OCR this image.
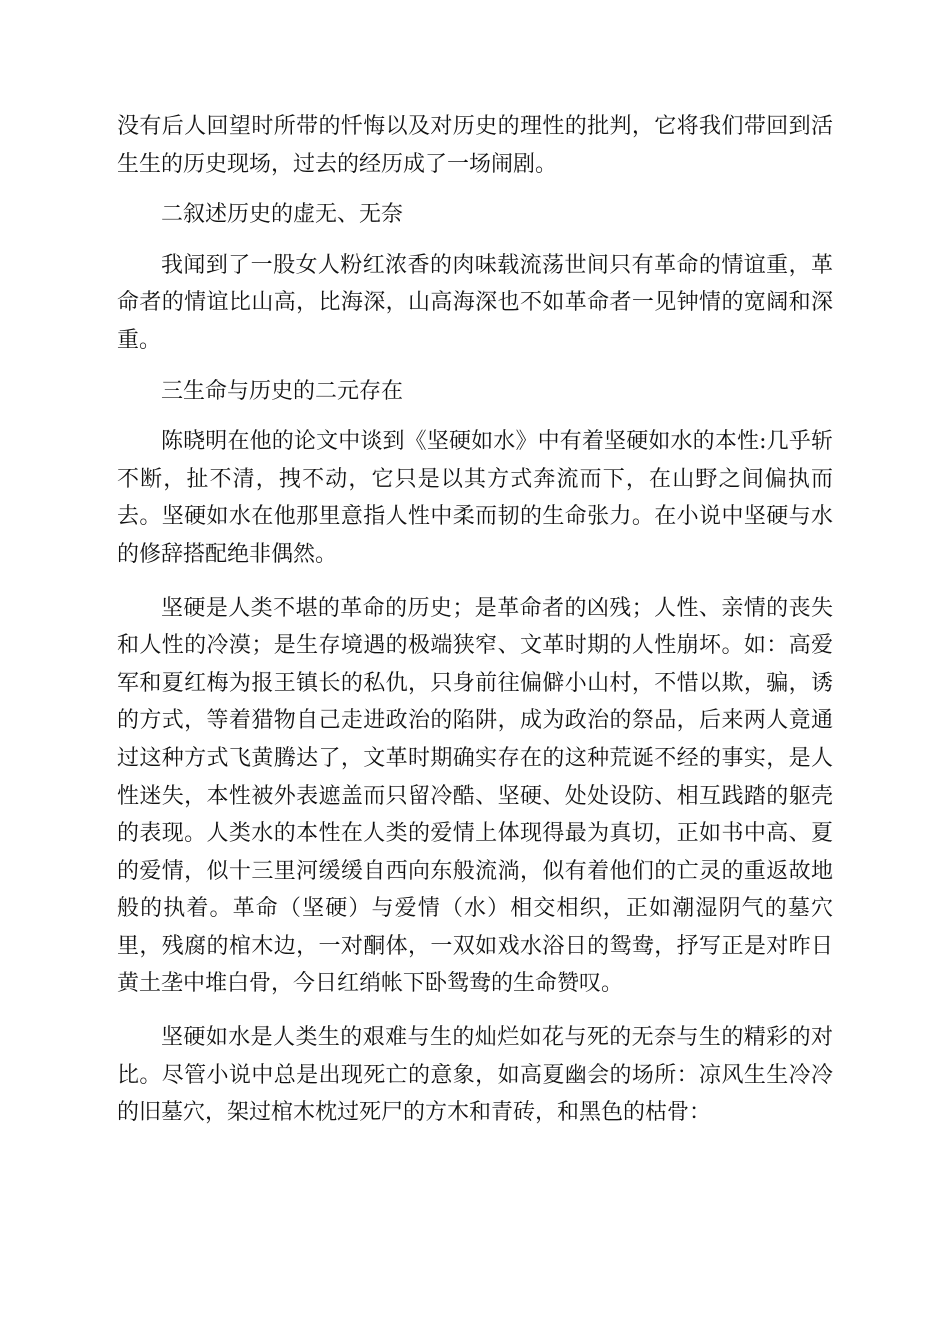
没有后人回望时所带的忏悔以及对历史的理性的批判，它将我们带回到活生生的历史现场，过去的经历成了一场闹剧。

二叙述历史的虚无、无奈

我闻到了一股女人粉红浓香的肉味载流荡世间只有革命的情谊重，革命者的情谊比山高，比海深，山高海深也不如革命者一见钟情的宽阔和深重。

三生命与历史的二元存在

陈晓明在他的论文中谈到《坚硬如水》中有着坚硬如水的本性:几乎斩不断，扯不清，拽不动，它只是以其方式奔流而下，在山野之间偏执而去。坚硬如水在他那里意指人性中柔而韧的生命张力。在小说中坚硬与水的修辞搭配绝非偶然。

坚硬是人类不堪的革命的历史；是革命者的凶残；人性、亲情的丧失和人性的冷漠；是生存境遇的极端狭窄、文革时期的人性崩坏。如：高爱军和夏红梅为报王镇长的私仇，只身前往偏僻小山村，不惜以欺，骗，诱的方式，等着猎物自己走进政治的陷阱，成为政治的祭品，后来两人竟通过这种方式飞黄腾达了，文革时期确实存在的这种荒诞不经的事实，是人性迷失，本性被外表遮盖而只留冷酷、坚硬、处处设防、相互践踏的躯壳的表现。人类水的本性在人类的爱情上体现得最为真切，正如书中高、夏的爱情，似十三里河缓缓自西向东般流淌，似有着他们的亡灵的重返故地般的执着。革命（坚硬）与爱情（水）相交相织，正如潮湿阴气的墓穴里，残腐的棺木边，一对酮体，一双如戏水浴日的鸳鸯，抒写正是对昨日黄土垄中堆白骨，今日红绡帐下卧鸳鸯的生命赞叹。

坚硬如水是人类生的艰难与生的灿烂如花与死的无奈与生的精彩的对比。尽管小说中总是出现死亡的意象，如高夏幽会的场所：凉风生生冷冷的旧墓穴，架过棺木枕过死尸的方木和青砖，和黑色的枯骨：
